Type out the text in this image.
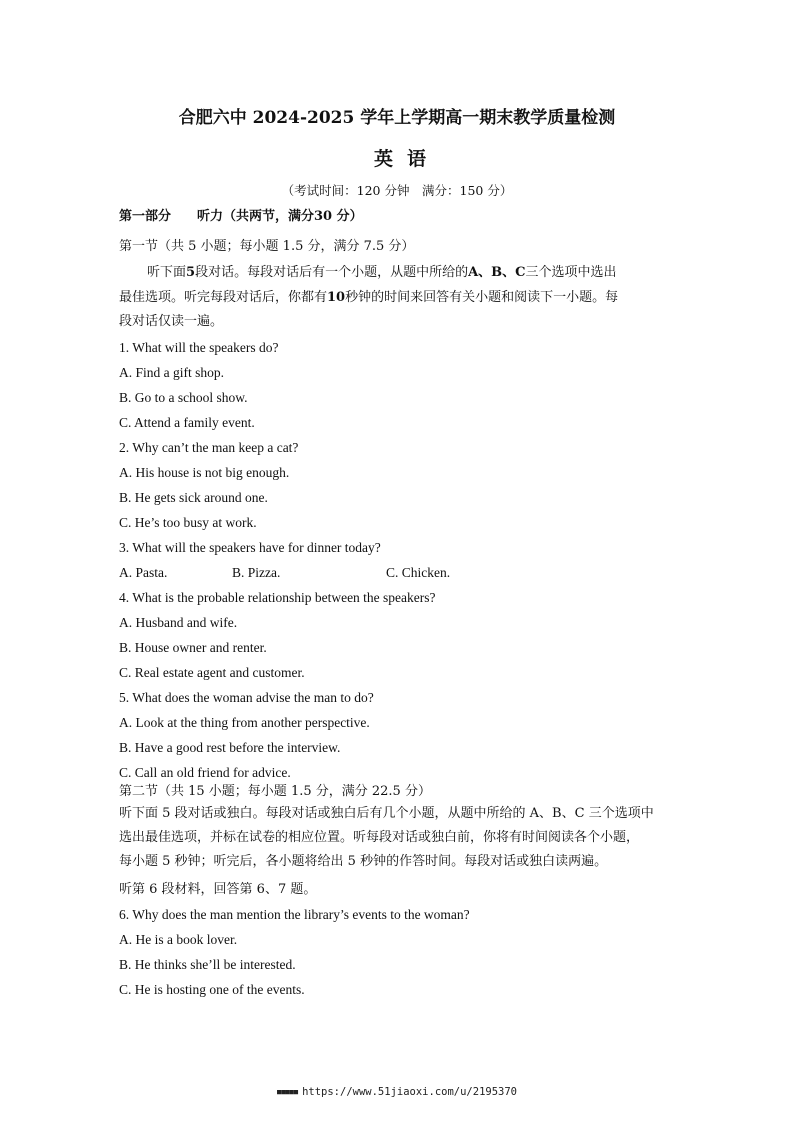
合肥六中 2024-2025 学年上学期高一期末教学质量检测
英语
（考试时间：120 分钟　满分：150 分）
第一部分 听力（共两节，满分30 分）
第一节（共 5 小题；每小题 1.5 分，满分 7.5 分）
听下面5段对话。每段对话后有一个小题，从题中所给的A、B、C三个选项中选出
最佳选项。听完每段对话后，你都有10秒钟的时间来回答有关小题和阅读下一小题。每
段对话仅读一遍。
1. What will the speakers do?
A. Find a gift shop.
B. Go to a school show.
C. Attend a family event.
2. Why can’t the man keep a cat?
A. His house is not big enough.
B. He gets sick around one.
C. He’s too busy at work.
3. What will the speakers have for dinner today?
A. Pasta.	B. Pizza.	C. Chicken.
4. What is the probable relationship between the speakers?
A. Husband and wife.
B. House owner and renter.
C. Real estate agent and customer.
5. What does the woman advise the man to do?
A. Look at the thing from another perspective.
B. Have a good rest before the interview.
C. Call an old friend for advice.
第二节（共 15 小题；每小题 1.5 分，满分 22.5 分）
听下面 5 段对话或独白。每段对话或独白后有几个小题，从题中所给的 A、B、C 三个选项中
选出最佳选项，并标在试卷的相应位置。听每段对话或独白前，你将有时间阅读各个小题，
每小题 5 秒钟；听完后，各小题将给出 5 秒钟的作答时间。每段对话或独白读两遍。
听第 6 段材料，回答第 6、7 题。
6. Why does the man mention the library’s events to the woman?
A. He is a book lover.
B. He thinks she’ll be interested.
C. He is hosting one of the events.
■■■■■ https://www.51jiaoxi.com/u/2195370
